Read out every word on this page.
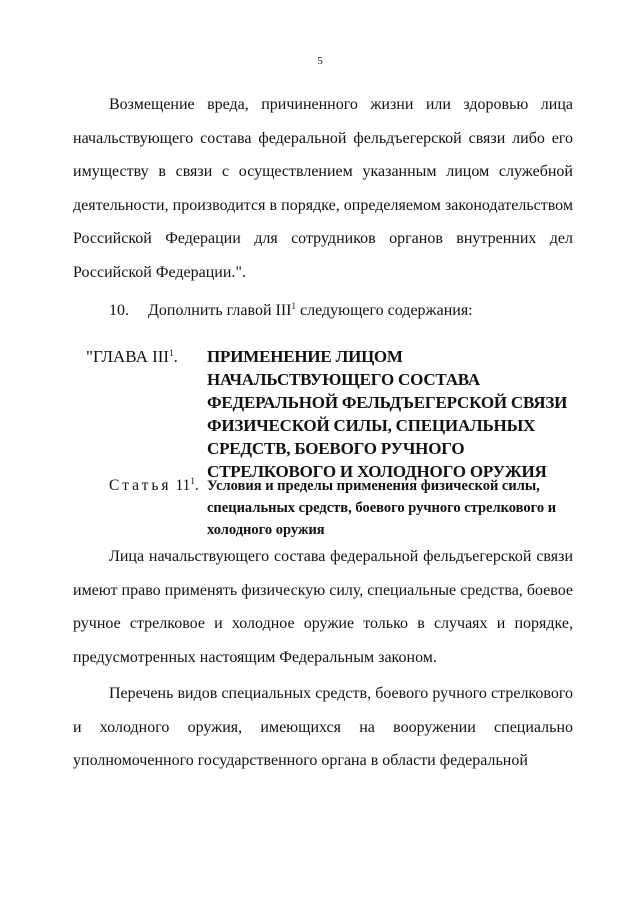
5

Возмещение вреда, причиненного жизни или здоровью лица начальствующего состава федеральной фельдъегерской связи либо его имуществу в связи с осуществлением указанным лицом служебной деятельности, производится в порядке, определяемом законодательством Российской Федерации для сотрудников органов внутренних дел Российской Федерации.".

10. Дополнить главой III$^1$ следующего содержания:
"ГЛАВА III$^1$. ПРИМЕНЕНИЕ ЛИЦОМ НАЧАЛЬСТВУЮЩЕГО СОСТАВА ФЕДЕРАЛЬНОЙ ФЕЛЬДЪЕГЕРСКОЙ СВЯЗИ ФИЗИЧЕСКОЙ СИЛЫ, СПЕЦИАЛЬНЫХ СРЕДСТВ, БОЕВОГО РУЧНОГО СТРЕЛКОВОГО И ХОЛОДНОГО ОРУЖИЯ

Статья $11^1$. Условия и пределы применения физической силы, специальных средств, боевого ручного стрелкового и холодного оружия

Лица начальствующего состава федеральной фельдъегерской связи имеют право применять физическую силу, специальные средства, боевое ручное стрелковое и холодное оружие только в случаях и порядке, предусмотренных настоящим Федеральным законом.

Перечень видов специальных средств, боевого ручного стрелкового и холодного оружия, имеющихся на вооружении специально уполномоченного государственного органа в области федеральной
